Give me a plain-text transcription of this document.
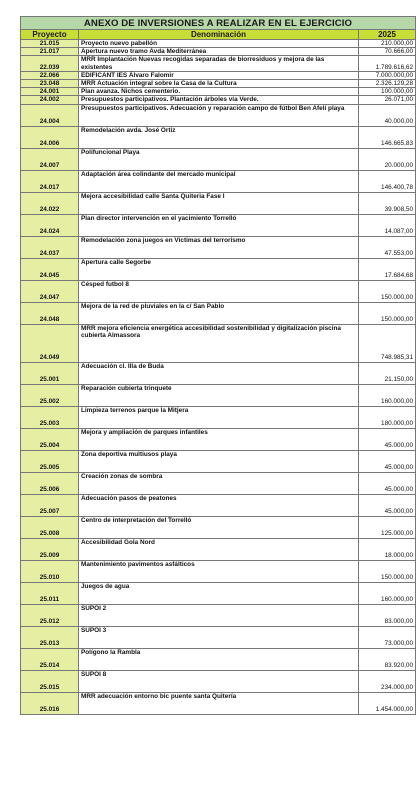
ANEXO DE INVERSIONES A REALIZAR EN EL EJERCICIO		
Proyecto	Denominación	2025
21.015	Proyecto nuevo pabellón	210.000,00
21.017	Apertura nuevo tramo Avda Mediterránea	70.666,00
22.039	MRR Implantación Nuevas recogidas separadas de biorresiduos y mejora de las existentes	1.789.616,62
22.066	EDIFICANT IES Álvaro Falomir	7.000.000,00
23.048	MRR Actuación integral sobre la Casa de la Cultura	2.326.129,28
24.001	Plan avanza. Nichos cementerio.	100.000,00
24.002	Presupuestos participativos. Plantación árboles vía Verde.	26.071,00
24.004	Presupuestos participativos. Adecuación y reparación campo de fútbol Ben Afelí playa	40.000,00
24.006	Remodelación avda. José Ortiz	146.665,83
24.007	Polifuncional Playa	20.000,00
24.017	Adaptación área colindante del mercado municipal	146.400,78
24.022	Mejora accesibilidad calle Santa Quiteria Fase I	39.908,50
24.024	Plan director intervención en el yacimiento Torrelló	14.087,00
24.037	Remodelación zona juegos en Víctimas del terrorismo	47.553,00
24.045	Apertura calle Segorbe	17.684,68
24.047	Césped futbol 8	150.000,00
24.048	Mejora de la red de pluviales en la c/ San Pablo	150.000,00
24.049	MRR mejora eficiencia energética accesibilidad sostenibilidad y digitalización piscina cubierta Almassora	748.985,31
25.001	Adecuación cl. Illa de Buda	21.150,00
25.002	Reparación cubierta trinquete	160.000,00
25.003	Limpieza terrenos parque la Mitjera	180.000,00
25.004	Mejora y ampliación de parques infantiles	45.000,00
25.005	Zona deportiva multiusos playa	45.000,00
25.006	Creación zonas de sombra	45.000,00
25.007	Adecuación pasos de peatones	45.000,00
25.008	Centro de interpretación del Torrelló	125.000,00
25.009	Accesibilidad Gola Nord	18.000,00
25.010	Mantenimiento pavimentos asfálticos	150.000,00
25.011	Juegos de agua	160.000,00
25.012	SUPOI 2	83.000,00
25.013	SUPOI 3	73.000,00
25.014	Polígono la Rambla	83.920,00
25.015	SUPOI 8	234.000,00
25.016	MRR adecuación entorno bic puente santa Quitería	1.454.000,00
